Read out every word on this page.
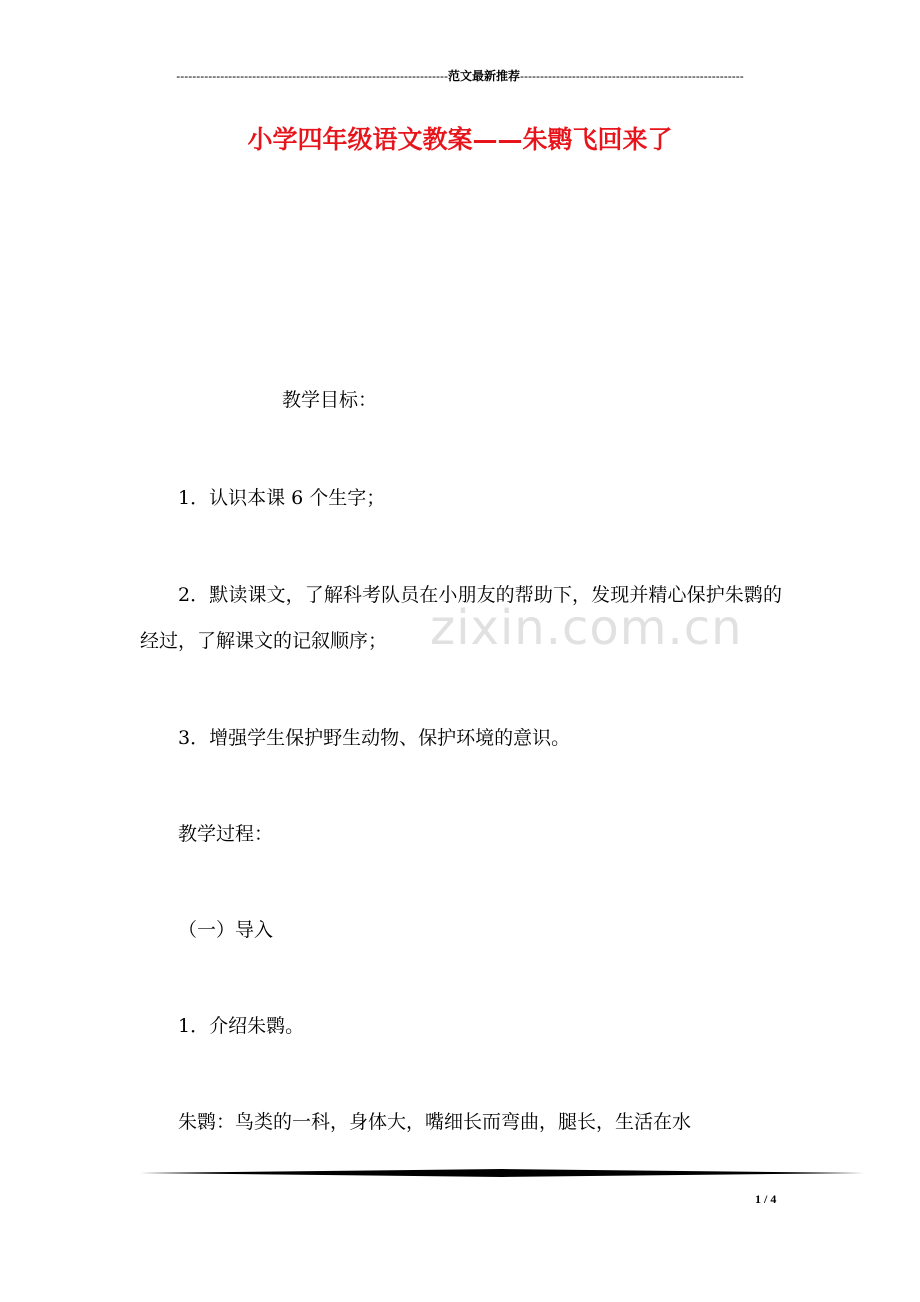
--------------------------------------------------------------------范文最新推荐--------------------------------------------------------
小学四年级语文教案——朱鹮飞回来了
zixin.com.cn
教学目标：
1．认识本课 6 个生字；
2．默读课文，了解科考队员在小朋友的帮助下，发现并精心保护朱鹮的经过，了解课文的记叙顺序；
3．增强学生保护野生动物、保护环境的意识。
教学过程：
（一）导入
1．介绍朱鹮。
朱鹮：鸟类的一科，身体大，嘴细长而弯曲，腿长，生活在水
1 / 4
